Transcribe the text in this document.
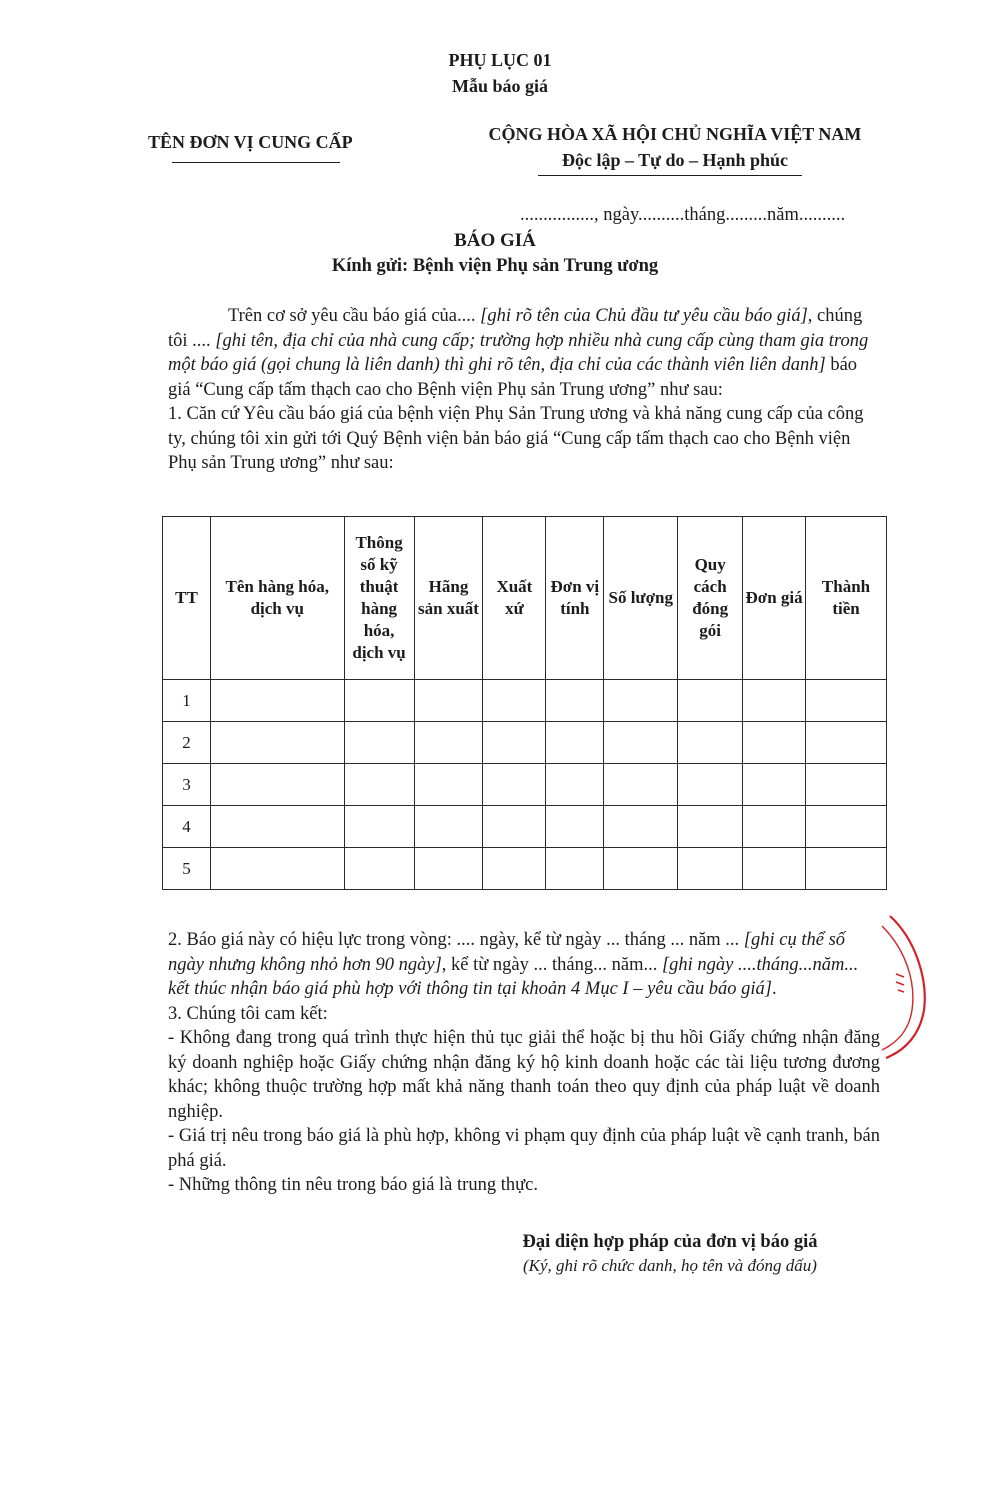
PHỤ LỤC 01
Mẫu báo giá
TÊN ĐƠN VỊ CUNG CẤP	CỘNG HÒA XÃ HỘI CHỦ NGHĨA VIỆT NAM
Độc lập – Tự do – Hạnh phúc
................, ngày..........tháng.........năm..........
BÁO GIÁ
Kính gửi: Bệnh viện Phụ sản Trung ương

Trên cơ sở yêu cầu báo giá của.... [ghi rõ tên của Chủ đầu tư yêu cầu báo giá], chúng tôi .... [ghi tên, địa chỉ của nhà cung cấp; trường hợp nhiều nhà cung cấp cùng tham gia trong một báo giá (gọi chung là liên danh) thì ghi rõ tên, địa chỉ của các thành viên liên danh] báo giá “Cung cấp tấm thạch cao cho Bệnh viện Phụ sản Trung ương” như sau:

1. Căn cứ Yêu cầu báo giá của bệnh viện Phụ Sản Trung ương và khả năng cung cấp của công ty, chúng tôi xin gửi tới Quý Bệnh viện bản báo giá “Cung cấp tấm thạch cao cho Bệnh viện Phụ sản Trung ương” như sau:

TT	Tên hàng hóa, dịch vụ	Thông số kỹ thuật hàng hóa, dịch vụ	Hãng sản xuất	Xuất xứ	Đơn vị tính	Số lượng	Quy cách đóng gói	Đơn giá	Thành tiền
1									
2									
3									
4									
5									

2. Báo giá này có hiệu lực trong vòng: .... ngày, kể từ ngày ... tháng ... năm ... [ghi cụ thể số ngày nhưng không nhỏ hơn 90 ngày], kể từ ngày ... tháng... năm... [ghi ngày ....tháng...năm... kết thúc nhận báo giá phù hợp với thông tin tại khoản 4 Mục I – yêu cầu báo giá].

3. Chúng tôi cam kết:

- Không đang trong quá trình thực hiện thủ tục giải thể hoặc bị thu hồi Giấy chứng nhận đăng ký doanh nghiệp hoặc Giấy chứng nhận đăng ký hộ kinh doanh hoặc các tài liệu tương đương khác; không thuộc trường hợp mất khả năng thanh toán theo quy định của pháp luật về doanh nghiệp.

- Giá trị nêu trong báo giá là phù hợp, không vi phạm quy định của pháp luật về cạnh tranh, bán phá giá.

- Những thông tin nêu trong báo giá là trung thực.

Đại diện hợp pháp của đơn vị báo giá
(Ký, ghi rõ chức danh, họ tên và đóng dấu)
